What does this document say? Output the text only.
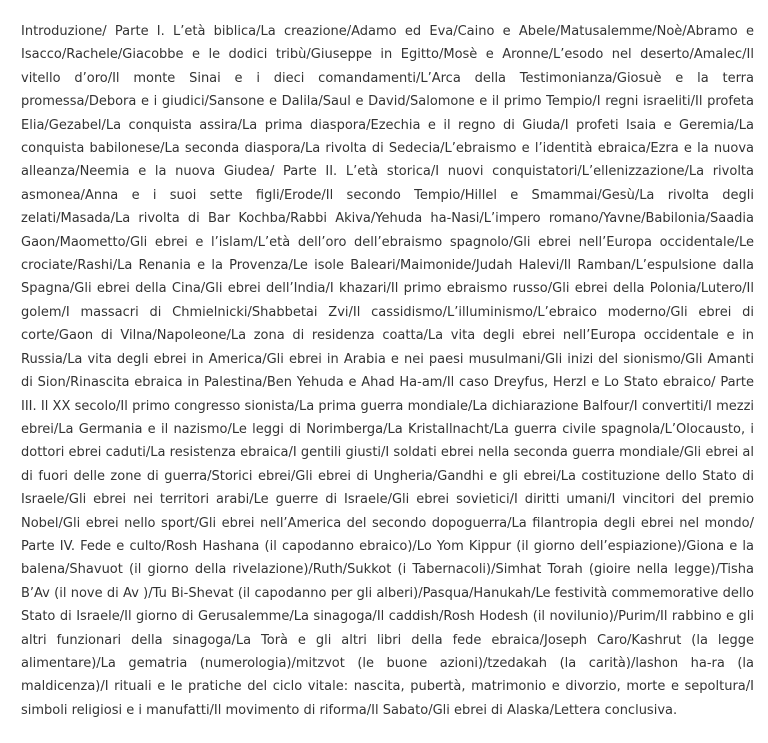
Introduzione/ Parte I. L’età biblica/La creazione/Adamo ed Eva/Caino e Abele/Matusalemme/Noè/Abramo e Isacco/Rachele/Giacobbe e le dodici tribù/Giuseppe in Egitto/Mosè e Aronne/L’esodo nel deserto/Amalec/Il vitello d’oro/Il monte Sinai e i dieci comandamenti/L’Arca della Testimonianza/Giosuè e la terra promessa/Debora e i giudici/Sansone e Dalila/Saul e David/Salomone e il primo Tempio/I regni israeliti/Il profeta Elia/Gezabel/La conquista assira/La prima diaspora/Ezechia e il regno di Giuda/I profeti Isaia e Geremia/La conquista babilonese/La seconda diaspora/La rivolta di Sedecia/L’ebraismo e l’identità ebraica/Ezra e la nuova alleanza/Neemia e la nuova Giudea/ Parte II. L’età storica/I nuovi conquistatori/L’ellenizzazione/La rivolta asmonea/Anna e i suoi sette figli/Erode/Il secondo Tempio/Hillel e Smammai/Gesù/La rivolta degli zelati/Masada/La rivolta di Bar Kochba/Rabbi Akiva/Yehuda ha-Nasi/L’impero romano/Yavne/Babilonia/Saadia Gaon/Maometto/Gli ebrei e l’islam/L’età dell’oro dell’ebraismo spagnolo/Gli ebrei nell’Europa occidentale/Le crociate/Rashi/La Renania e la Provenza/Le isole Baleari/Maimonide/Judah Halevi/Il Ramban/L’espulsione dalla Spagna/Gli ebrei della Cina/Gli ebrei dell’India/I khazari/Il primo ebraismo russo/Gli ebrei della Polonia/Lutero/Il golem/I massacri di Chmielnicki/Shabbetai Zvi/Il cassidismo/L’illuminismo/L’ebraico moderno/Gli ebrei di corte/Gaon di Vilna/Napoleone/La zona di residenza coatta/La vita degli ebrei nell’Europa occidentale e in Russia/La vita degli ebrei in America/Gli ebrei in Arabia e nei paesi musulmani/Gli inizi del sionismo/Gli Amanti di Sion/Rinascita ebraica in Palestina/Ben Yehuda e Ahad Ha-am/Il caso Dreyfus, Herzl e Lo Stato ebraico/ Parte III. Il XX secolo/Il primo congresso sionista/La prima guerra mondiale/La dichiarazione Balfour/I convertiti/I mezzi ebrei/La Germania e il nazismo/Le leggi di Norimberga/La Kristallnacht/La guerra civile spagnola/L’Olocausto, i dottori ebrei caduti/La resistenza ebraica/I gentili giusti/I soldati ebrei nella seconda guerra mondiale/Gli ebrei al di fuori delle zone di guerra/Storici ebrei/Gli ebrei di Ungheria/Gandhi e gli ebrei/La costituzione dello Stato di Israele/Gli ebrei nei territori arabi/Le guerre di Israele/Gli ebrei sovietici/I diritti umani/I vincitori del premio Nobel/Gli ebrei nello sport/Gli ebrei nell’America del secondo dopoguerra/La filantropia degli ebrei nel mondo/ Parte IV. Fede e culto/Rosh Hashana (il capodanno ebraico)/Lo Yom Kippur (il giorno dell’espiazione)/Giona e la balena/Shavuot (il giorno della rivelazione)/Ruth/Sukkot (i Tabernacoli)/Simhat Torah (gioire nella legge)/Tisha B’Av (il nove di Av )/Tu Bi-Shevat (il capodanno per gli alberi)/Pasqua/Hanukah/Le festività commemorative dello Stato di Israele/Il giorno di Gerusalemme/La sinagoga/Il caddish/Rosh Hodesh (il novilunio)/Purim/Il rabbino e gli altri funzionari della sinagoga/La Torà e gli altri libri della fede ebraica/Joseph Caro/Kashrut (la legge alimentare)/La gematria (numerologia)/mitzvot (le buone azioni)/tzedakah (la carità)/lashon ha-ra (la maldicenza)/I rituali e le pratiche del ciclo vitale: nascita, pubertà, matrimonio e divorzio, morte e sepoltura/I simboli religiosi e i manufatti/Il movimento di riforma/Il Sabato/Gli ebrei di Alaska/Lettera conclusiva.
